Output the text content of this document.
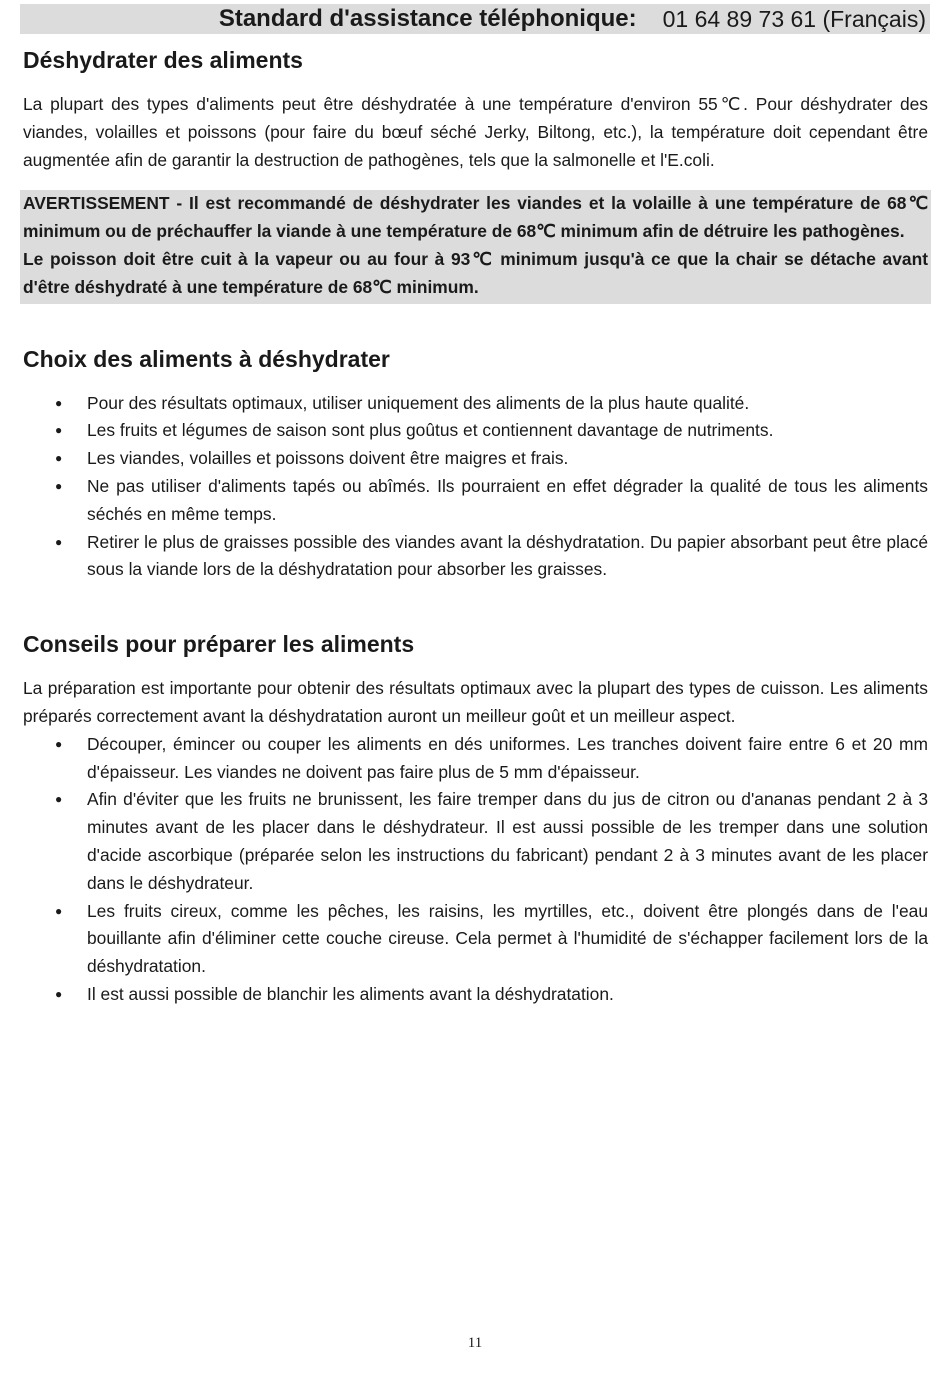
Standard d'assistance téléphonique: 01 64 89 73 61 (Français)
Déshydrater des aliments

La plupart des types d'aliments peut être déshydratée à une température d'environ 55℃. Pour déshydrater des viandes, volailles et poissons (pour faire du bœuf séché Jerky, Biltong, etc.), la température doit cependant être augmentée afin de garantir la destruction de pathogènes, tels que la salmonelle et l'E.coli.

AVERTISSEMENT - Il est recommandé de déshydrater les viandes et la volaille à une température de 68℃ minimum ou de préchauffer la viande à une température de 68℃ minimum afin de détruire les pathogènes.

Le poisson doit être cuit à la vapeur ou au four à 93℃ minimum jusqu'à ce que la chair se détache avant d'être déshydraté à une température de 68℃ minimum.

Choix des aliments à déshydrater
● Pour des résultats optimaux, utiliser uniquement des aliments de la plus haute qualité.
● Les fruits et légumes de saison sont plus goûtus et contiennent davantage de nutriments.
● Les viandes, volailles et poissons doivent être maigres et frais.
● Ne pas utiliser d'aliments tapés ou abîmés. Ils pourraient en effet dégrader la qualité de tous les aliments séchés en même temps.
● Retirer le plus de graisses possible des viandes avant la déshydratation. Du papier absorbant peut être placé sous la viande lors de la déshydratation pour absorber les graisses.
Conseils pour préparer les aliments

La préparation est importante pour obtenir des résultats optimaux avec la plupart des types de cuisson. Les aliments préparés correctement avant la déshydratation auront un meilleur goût et un meilleur aspect.

● Découper, émincer ou couper les aliments en dés uniformes. Les tranches doivent faire entre 6 et 20 mm d'épaisseur. Les viandes ne doivent pas faire plus de 5 mm d'épaisseur.
● Afin d'éviter que les fruits ne brunissent, les faire tremper dans du jus de citron ou d'ananas pendant 2 à 3 minutes avant de les placer dans le déshydrateur. Il est aussi possible de les tremper dans une solution d'acide ascorbique (préparée selon les instructions du fabricant) pendant 2 à 3 minutes avant de les placer dans le déshydrateur.
● Les fruits cireux, comme les pêches, les raisins, les myrtilles, etc., doivent être plongés dans de l'eau bouillante afin d'éliminer cette couche cireuse. Cela permet à l'humidité de s'échapper facilement lors de la déshydratation.
● Il est aussi possible de blanchir les aliments avant la déshydratation.
11
